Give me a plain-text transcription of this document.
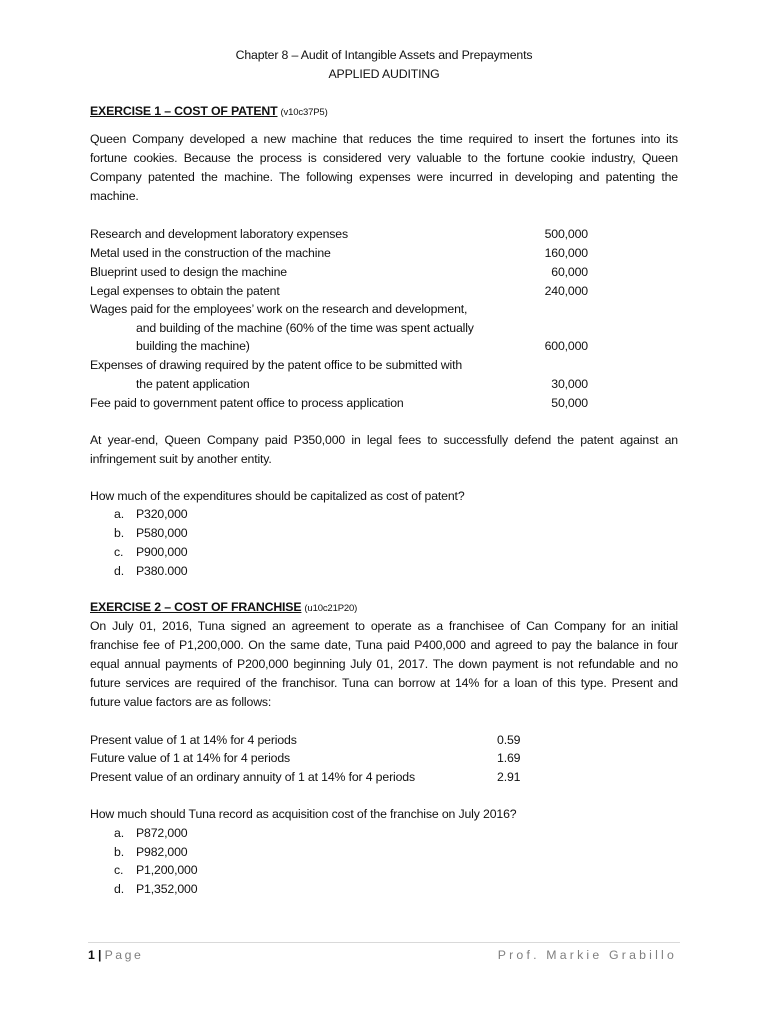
Chapter 8 – Audit of Intangible Assets and Prepayments
APPLIED AUDITING
EXERCISE 1 – COST OF PATENT (v10c37P5)
Queen Company developed a new machine that reduces the time required to insert the fortunes into its
fortune cookies. Because the process is considered very valuable to the fortune cookie industry, Queen
Company patented the machine. The following expenses were incurred in developing and patenting the
machine.
Research and development laboratory expenses	500,000
Metal used in the construction of the machine	160,000
Blueprint used to design the machine	60,000
Legal expenses to obtain the patent	240,000
Wages paid for the employees’ work on the research and development,
and building of the machine (60% of the time was spent actually
building the machine)	600,000
Expenses of drawing required by the patent office to be submitted with
the patent application	30,000
Fee paid to government patent office to process application	50,000
At year-end, Queen Company paid P350,000 in legal fees to successfully defend the patent against an
infringement suit by another entity.
How much of the expenditures should be capitalized as cost of patent?
a. P320,000
b. P580,000
c. P900,000
d. P380.000
EXERCISE 2 – COST OF FRANCHISE (u10c21P20)
On July 01, 2016, Tuna signed an agreement to operate as a franchisee of Can Company for an initial
franchise fee of P1,200,000. On the same date, Tuna paid P400,000 and agreed to pay the balance in four
equal annual payments of P200,000 beginning July 01, 2017. The down payment is not refundable and no
future services are required of the franchisor. Tuna can borrow at 14% for a loan of this type. Present and
future value factors are as follows:
Present value of 1 at 14% for 4 periods	0.59
Future value of 1 at 14% for 4 periods	1.69
Present value of an ordinary annuity of 1 at 14% for 4 periods	2.91
How much should Tuna record as acquisition cost of the franchise on July 2016?
a. P872,000
b. P982,000
c. P1,200,000
d. P1,352,000
1 | Page	Prof. Markie Grabillo
